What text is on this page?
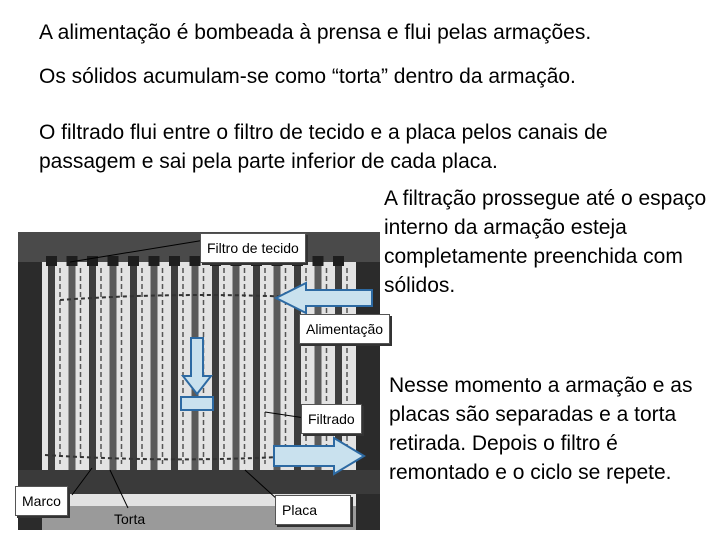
A alimentação é bombeada à prensa e flui pelas armações.

Os sólidos acumulam-se como “torta” dentro da armação.

O filtrado flui entre o filtro de tecido e a placa pelos canais de passagem e sai pela parte inferior de cada placa.

A filtração prossegue até o espaço interno da armação esteja completamente preenchida com sólidos.

Nesse momento a armação e as placas são separadas e a torta retirada. Depois o filtro é remontado e o ciclo se repete.

Filtro de tecido
Alimentação
Filtrado
Marco
Placa
Torta
